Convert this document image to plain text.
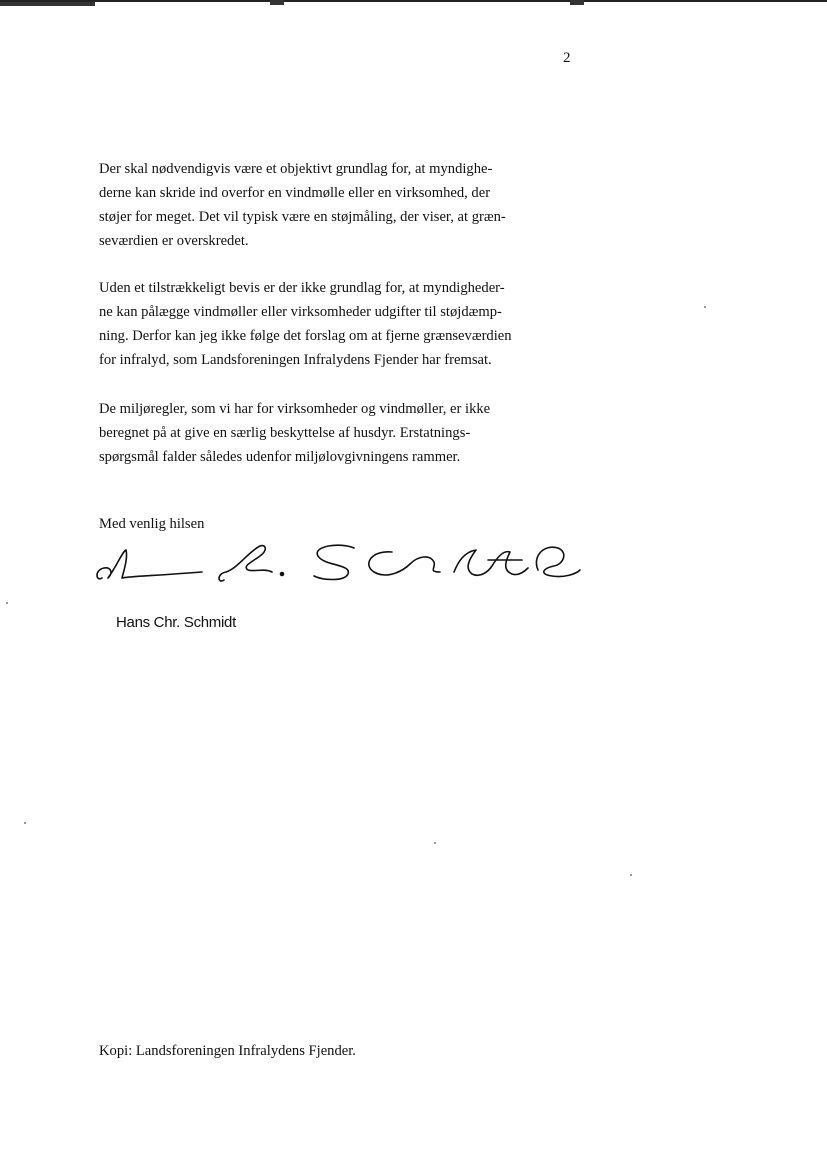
2

Der skal nødvendigvis være et objektivt grundlag for, at myndighe-
derne kan skride ind overfor en vindmølle eller en virksomhed, der
støjer for meget. Det vil typisk være en støjmåling, der viser, at græn-
seværdien er overskredet.

Uden et tilstrækkeligt bevis er der ikke grundlag for, at myndigheder-
ne kan pålægge vindmøller eller virksomheder udgifter til støjdæmp-
ning. Derfor kan jeg ikke følge det forslag om at fjerne grænseværdien
for infralyd, som Landsforeningen Infralydens Fjender har fremsat.

De miljøregler, som vi har for virksomheder og vindmøller, er ikke
beregnet på at give en særlig beskyttelse af husdyr. Erstatnings-
spørgsmål falder således udenfor miljølovgivningens rammer.

Med venlig hilsen
Hans Chr. Schmidt
Kopi: Landsforeningen Infralydens Fjender.
